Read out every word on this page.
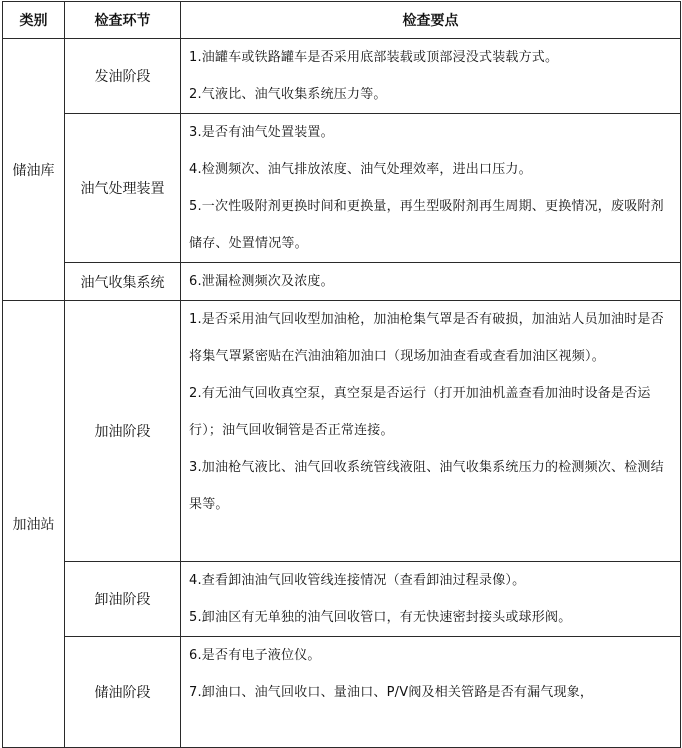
类别	检查环节	检查要点
储油库	发油阶段	1.油罐车或铁路罐车是否采用底部装载或顶部浸没式装载方式。
2.气液比、油气收集系统压力等。

	油气处理装置	3.是否有油气处置装置。
4.检测频次、油气排放浓度、油气处理效率，进出口压力。
5.一次性吸附剂更换时间和更换量，再生型吸附剂再生周期、更换情况，废吸附剂储存、处置情况等。

	油气收集系统	6.泄漏检测频次及浓度。

加油站	加油阶段	1.是否采用油气回收型加油枪，加油枪集气罩是否有破损，加油站人员加油时是否将集气罩紧密贴在汽油油箱加油口（现场加油查看或查看加油区视频）。
2.有无油气回收真空泵，真空泵是否运行（打开加油机盖查看加油时设备是否运行）；油气回收铜管是否正常连接。
3.加油枪气液比、油气回收系统管线液阻、油气收集系统压力的检测频次、检测结果等。

	卸油阶段	4.查看卸油油气回收管线连接情况（查看卸油过程录像）。
5.卸油区有无单独的油气回收管口，有无快速密封接头或球形阀。

	储油阶段	6.是否有电子液位仪。
7.卸油口、油气回收口、量油口、P/V阀及相关管路是否有漏气现象，
